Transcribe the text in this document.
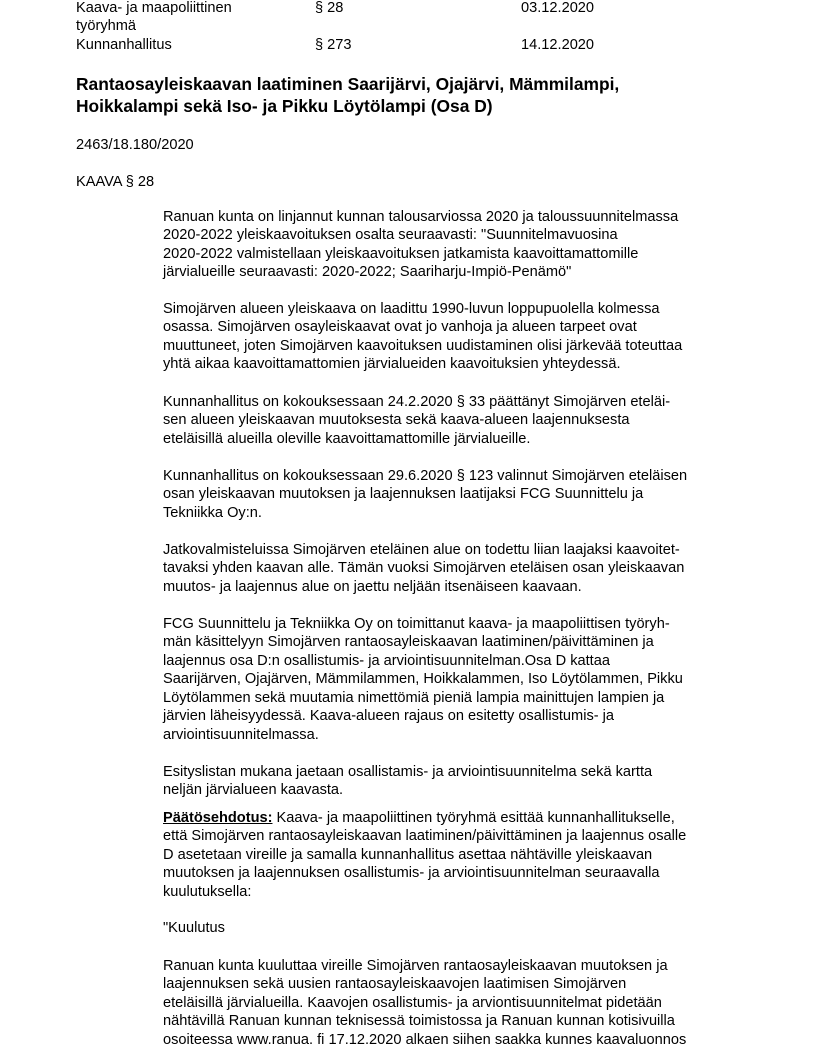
Kaava- ja maapoliittinen
työryhmä
§ 28	03.12.2020
Kunnanhallitus	§ 273	14.12.2020
Rantaosayleiskaavan laatiminen Saarijärvi, Ojajärvi, Mämmilampi,
Hoikkalampi sekä Iso- ja Pikku Löytölampi (Osa D)
2463/18.180/2020
KAAVA § 28
Ranuan kunta on linjannut kunnan talousarviossa 2020 ja taloussuunnitelmassa
2020-2022 yleiskaavoituksen osalta seuraavasti: "Suunnitelmavuosina
2020-2022 valmistellaan yleiskaavoituksen jatkamista kaavoittamattomille
järvialueille seuraavasti: 2020-2022; Saariharju-Impiö-Penämö"
Simojärven alueen yleiskaava on laadittu 1990-luvun loppupuolella kolmessa
osassa. Simojärven osayleiskaavat ovat jo vanhoja ja alueen tarpeet ovat
muuttuneet, joten Simojärven kaavoituksen uudistaminen olisi järkevää toteuttaa
yhtä aikaa kaavoittamattomien järvialueiden kaavoituksien yhteydessä.
Kunnanhallitus on kokouksessaan 24.2.2020 § 33 päättänyt Simojärven eteläi-
sen alueen yleiskaavan muutoksesta sekä kaava-alueen laajennuksesta
eteläisillä alueilla oleville kaavoittamattomille järvialueille.
Kunnanhallitus on kokouksessaan 29.6.2020 § 123 valinnut Simojärven eteläisen
osan yleiskaavan muutoksen ja laajennuksen laatijaksi FCG Suunnittelu ja
Tekniikka Oy:n.
Jatkovalmisteluissa Simojärven eteläinen alue on todettu liian laajaksi kaavoitet-
tavaksi yhden kaavan alle. Tämän vuoksi Simojärven eteläisen osan yleiskaavan
muutos- ja laajennus alue on jaettu neljään itsenäiseen kaavaan.
FCG Suunnittelu ja Tekniikka Oy on toimittanut kaava- ja maapoliittisen työryh-
män käsittelyyn Simojärven rantaosayleiskaavan laatiminen/päivittäminen ja
laajennus osa D:n osallistumis- ja arviointisuunnitelman.Osa D kattaa
Saarijärven, Ojajärven, Mämmilammen, Hoikkalammen, Iso Löytölammen, Pikku
Löytölammen sekä muutamia nimettömiä pieniä lampia mainittujen lampien ja
järvien läheisyydessä. Kaava-alueen rajaus on esitetty osallistumis- ja
arviointisuunnitelmassa.
Esityslistan mukana jaetaan osallistamis- ja arviointisuunnitelma sekä kartta
neljän järvialueen kaavasta.
Päätösehdotus: Kaava- ja maapoliittinen työryhmä esittää kunnanhallitukselle,
että Simojärven rantaosayleiskaavan laatiminen/päivittäminen ja laajennus osalle
D asetetaan vireille ja samalla kunnanhallitus asettaa nähtäville yleiskaavan
muutoksen ja laajennuksen osallistumis- ja arviointisuunnitelman seuraavalla
kuulutuksella:
"Kuulutus
Ranuan kunta kuuluttaa vireille Simojärven rantaosayleiskaavan muutoksen ja
laajennuksen sekä uusien rantaosayleiskaavojen laatimisen Simojärven
eteläisillä järvialueilla. Kaavojen osallistumis- ja arviontisuunnitelmat pidetään
nähtävillä Ranuan kunnan teknisessä toimistossa ja Ranuan kunnan kotisivuilla
osoiteessa www.ranua. fi 17.12.2020 alkaen siihen saakka kunnes kaavaluonnos
